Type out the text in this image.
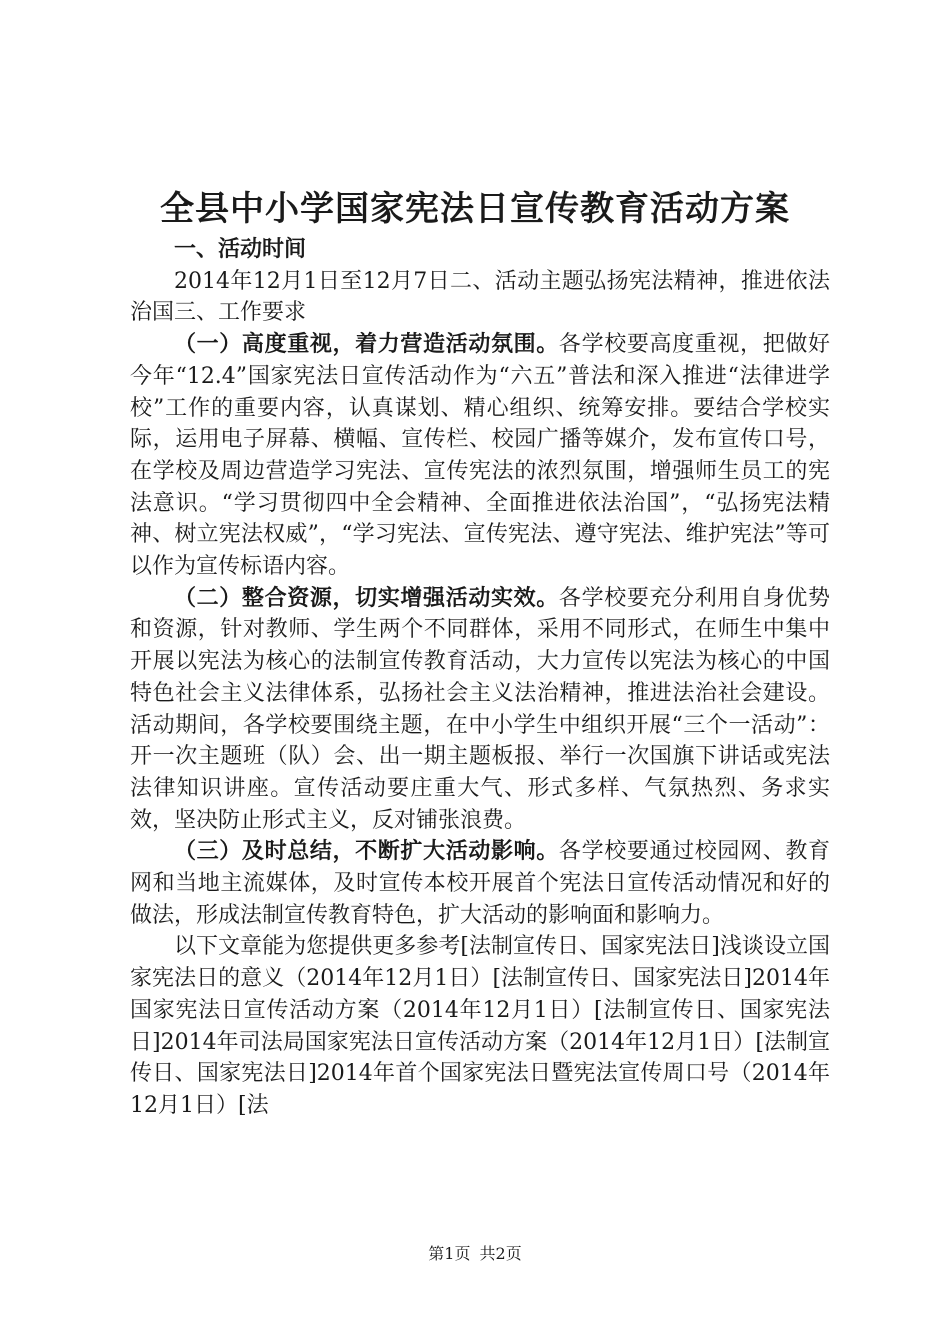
全县中小学国家宪法日宣传教育活动方案

一、活动时间

2014年12月1日至12月7日二、活动主题弘扬宪法精神，推进依法治国三、工作要求

（一）高度重视，着力营造活动氛围。各学校要高度重视，把做好今年“12.4”国家宪法日宣传活动作为“六五”普法和深入推进“法律进学校”工作的重要内容，认真谋划、精心组织、统筹安排。要结合学校实际，运用电子屏幕、横幅、宣传栏、校园广播等媒介，发布宣传口号，在学校及周边营造学习宪法、宣传宪法的浓烈氛围，增强师生员工的宪法意识。“学习贯彻四中全会精神、全面推进依法治国”，“弘扬宪法精神、树立宪法权威”，“学习宪法、宣传宪法、遵守宪法、维护宪法”等可以作为宣传标语内容。

（二）整合资源，切实增强活动实效。各学校要充分利用自身优势和资源，针对教师、学生两个不同群体，采用不同形式，在师生中集中开展以宪法为核心的法制宣传教育活动，大力宣传以宪法为核心的中国特色社会主义法律体系，弘扬社会主义法治精神，推进法治社会建设。活动期间，各学校要围绕主题，在中小学生中组织开展“三个一活动”：开一次主题班（队）会、出一期主题板报、举行一次国旗下讲话或宪法法律知识讲座。宣传活动要庄重大气、形式多样、气氛热烈、务求实效，坚决防止形式主义，反对铺张浪费。

（三）及时总结，不断扩大活动影响。各学校要通过校园网、教育网和当地主流媒体，及时宣传本校开展首个宪法日宣传活动情况和好的做法，形成法制宣传教育特色，扩大活动的影响面和影响力。

以下文章能为您提供更多参考[法制宣传日、国家宪法日]浅谈设立国家宪法日的意义（2014年12月1日）[法制宣传日、国家宪法日]2014年国家宪法日宣传活动方案（2014年12月1日）[法制宣传日、国家宪法日]2014年司法局国家宪法日宣传活动方案（2014年12月1日）[法制宣传日、国家宪法日]2014年首个国家宪法日暨宪法宣传周口号（2014年12月1日）[法

第1页 共2页
